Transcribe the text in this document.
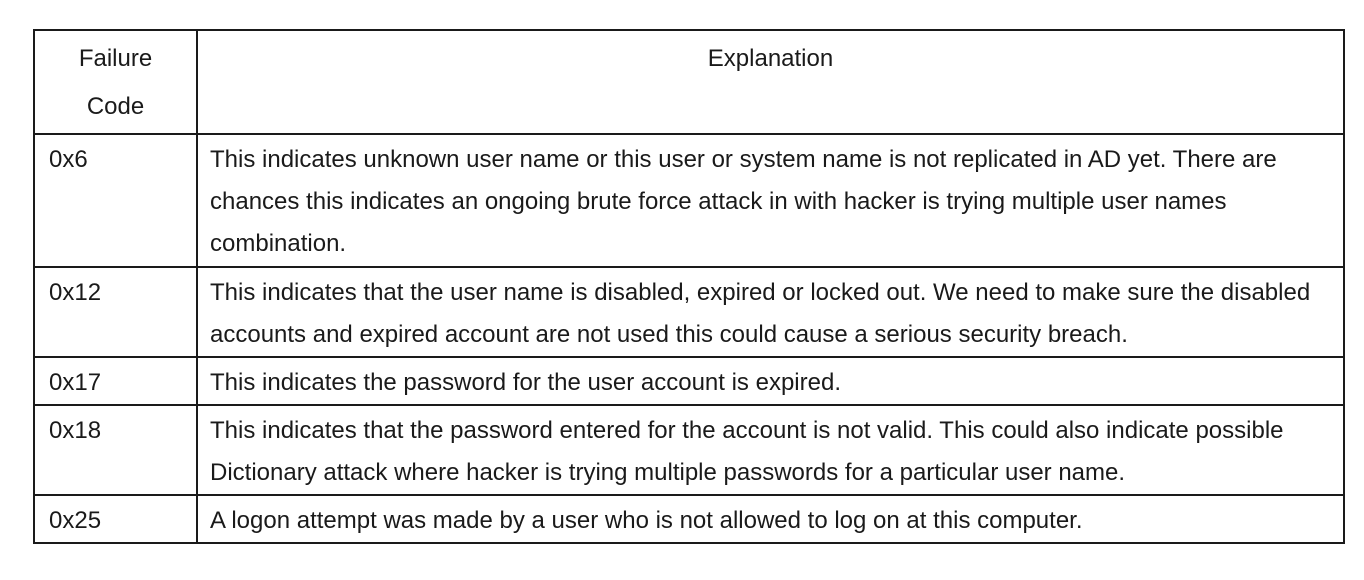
Failure Code	Explanation
0x6	This indicates unknown user name or this user or system name is not replicated in AD yet. There are chances this indicates an ongoing brute force attack in with hacker is trying multiple user names combination.
0x12	This indicates that the user name is disabled, expired or locked out. We need to make sure the disabled accounts and expired account are not used this could cause a serious security breach.
0x17	This indicates the password for the user account is expired.
0x18	This indicates that the password entered for the account is not valid. This could also indicate possible Dictionary attack where hacker is trying multiple passwords for a particular user name.
0x25	A logon attempt was made by a user who is not allowed to log on at this computer.
